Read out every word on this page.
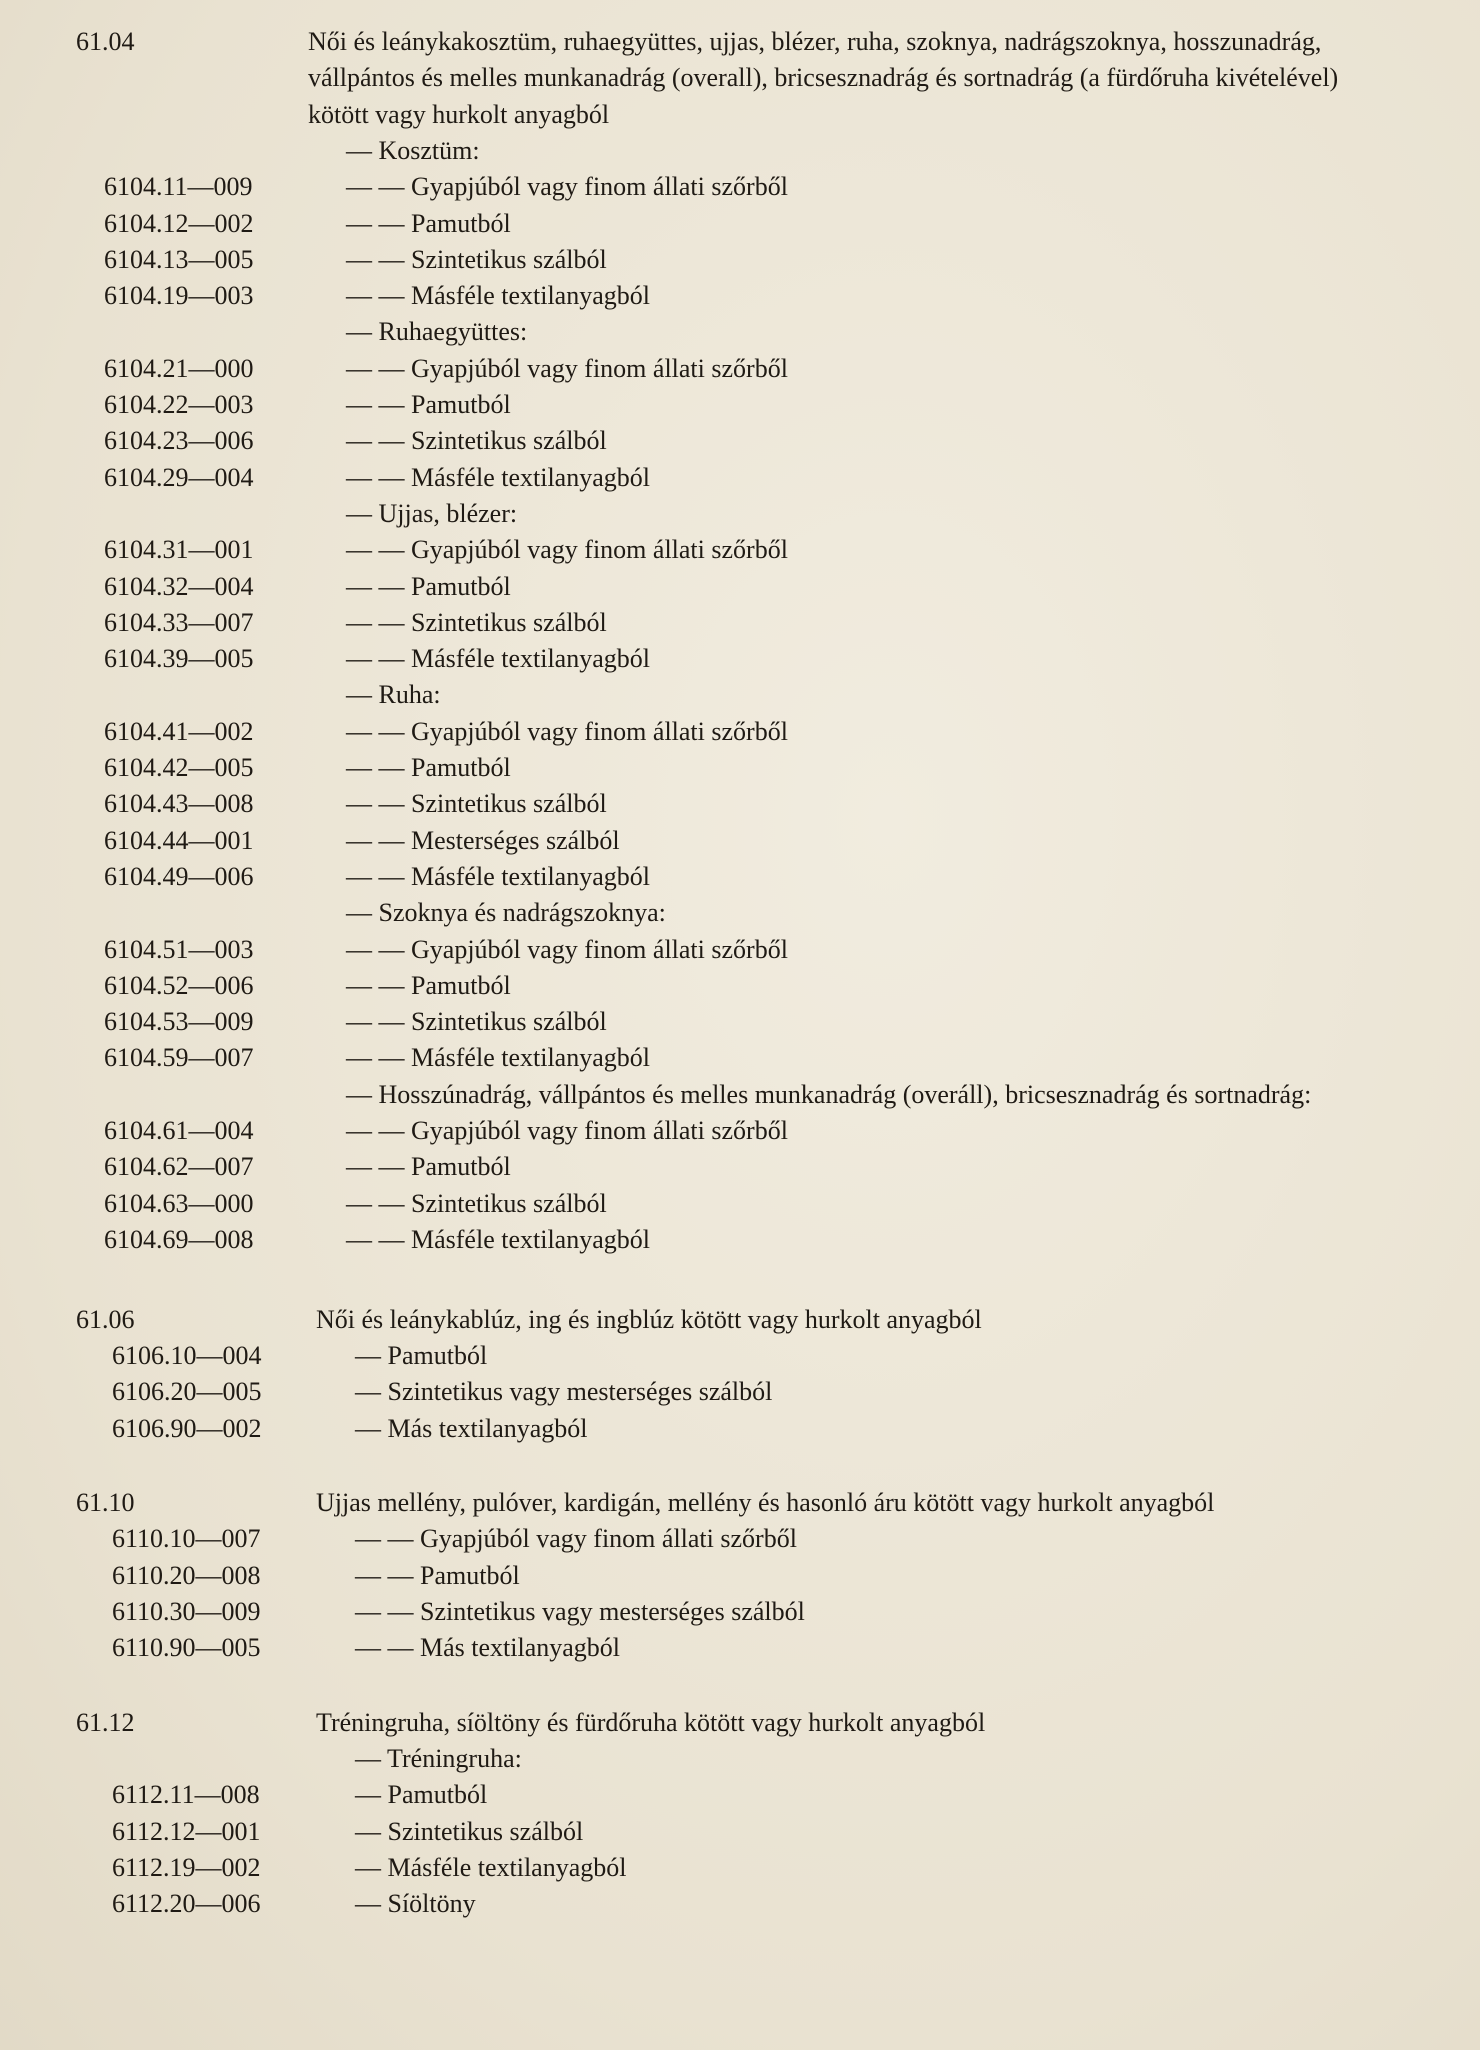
61.04	Női és leánykakosztüm, ruhaegyüttes, ujjas, blézer, ruha, szoknya, nadrágszoknya, hosszunadrág,
vállpántos és melles munkanadrág (overall), bricsesznadrág és sortnadrág (a fürdőruha kivételével)
kötött vagy hurkolt anyagból
— Kosztüm:
6104.11—009	— — Gyapjúból vagy finom állati szőrből
6104.12—002	— — Pamutból
6104.13—005	— — Szintetikus szálból
6104.19—003	— — Másféle textilanyagból
— Ruhaegyüttes:
6104.21—000	— — Gyapjúból vagy finom állati szőrből
6104.22—003	— — Pamutból
6104.23—006	— — Szintetikus szálból
6104.29—004	— — Másféle textilanyagból
— Ujjas, blézer:
6104.31—001	— — Gyapjúból vagy finom állati szőrből
6104.32—004	— — Pamutból
6104.33—007	— — Szintetikus szálból
6104.39—005	— — Másféle textilanyagból
— Ruha:
6104.41—002	— — Gyapjúból vagy finom állati szőrből
6104.42—005	— — Pamutból
6104.43—008	— — Szintetikus szálból
6104.44—001	— — Mesterséges szálból
6104.49—006	— — Másféle textilanyagból
— Szoknya és nadrágszoknya:
6104.51—003	— — Gyapjúból vagy finom állati szőrből
6104.52—006	— — Pamutból
6104.53—009	— — Szintetikus szálból
6104.59—007	— — Másféle textilanyagból
— Hosszúnadrág, vállpántos és melles munkanadrág (overáll), bricsesznadrág és sortnadrág:
6104.61—004	— — Gyapjúból vagy finom állati szőrből
6104.62—007	— — Pamutból
6104.63—000	— — Szintetikus szálból
6104.69—008	— — Másféle textilanyagból
61.06	Női és leánykablúz, ing és ingblúz kötött vagy hurkolt anyagból
6106.10—004	— Pamutból
6106.20—005	— Szintetikus vagy mesterséges szálból
6106.90—002	— Más textilanyagból
61.10	Ujjas mellény, pulóver, kardigán, mellény és hasonló áru kötött vagy hurkolt anyagból
6110.10—007	— — Gyapjúból vagy finom állati szőrből
6110.20—008	— — Pamutból
6110.30—009	— — Szintetikus vagy mesterséges szálból
6110.90—005	— — Más textilanyagból
61.12	Tréningruha, síöltöny és fürdőruha kötött vagy hurkolt anyagból
— Tréningruha:
6112.11—008	— Pamutból
6112.12—001	— Szintetikus szálból
6112.19—002	— Másféle textilanyagból
6112.20—006	— Síöltöny
